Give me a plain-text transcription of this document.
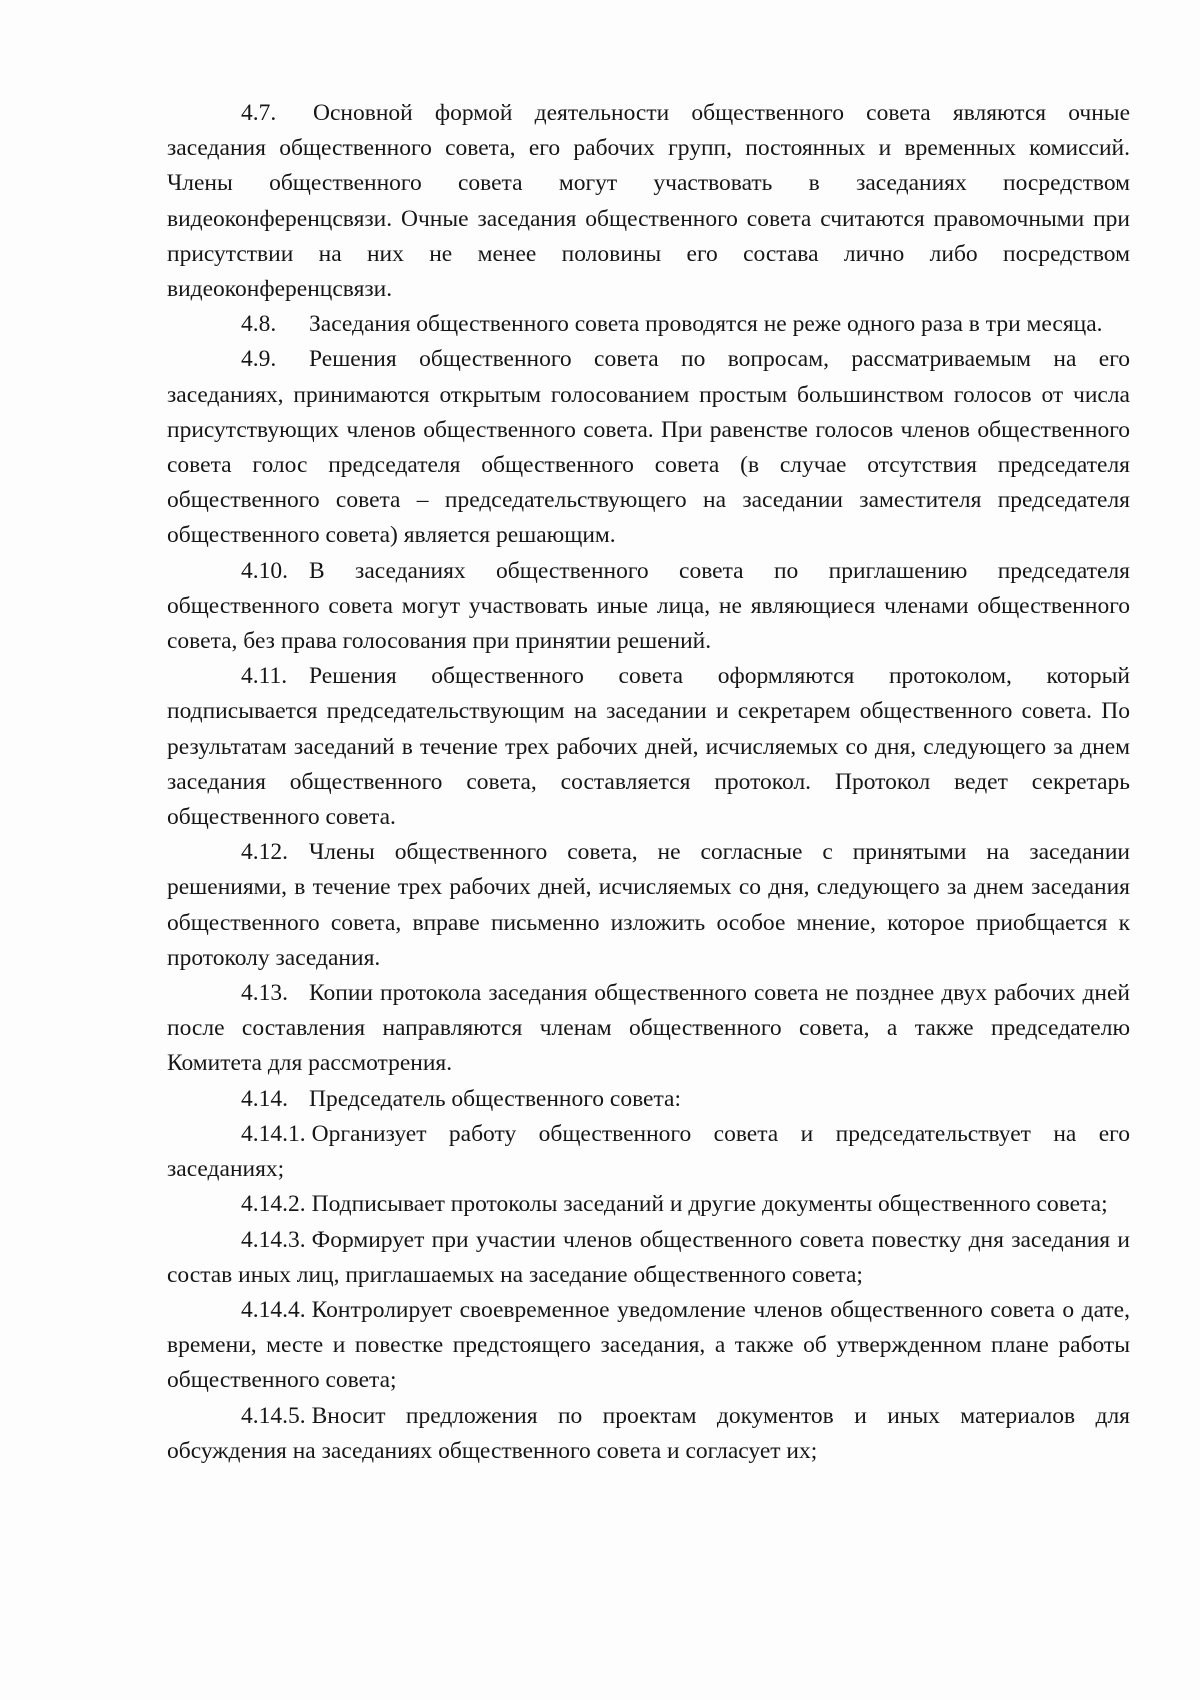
4.7. Основной формой деятельности общественного совета являются очные заседания общественного совета, его рабочих групп, постоянных и временных комиссий. Члены общественного совета могут участвовать в заседаниях посредством видеоконференцсвязи. Очные заседания общественного совета считаются правомочными при присутствии на них не менее половины его состава лично либо посредством видеоконференцсвязи.

4.8. Заседания общественного совета проводятся не реже одного раза в три месяца.

4.9. Решения общественного совета по вопросам, рассматриваемым на его заседаниях, принимаются открытым голосованием простым большинством голосов от числа присутствующих членов общественного совета. При равенстве голосов членов общественного совета голос председателя общественного совета (в случае отсутствия председателя общественного совета – председательствующего на заседании заместителя председателя общественного совета) является решающим.

4.10. В заседаниях общественного совета по приглашению председателя общественного совета могут участвовать иные лица, не являющиеся членами общественного совета, без права голосования при принятии решений.

4.11. Решения общественного совета оформляются протоколом, который подписывается председательствующим на заседании и секретарем общественного совета. По результатам заседаний в течение трех рабочих дней, исчисляемых со дня, следующего за днем заседания общественного совета, составляется протокол. Протокол ведет секретарь общественного совета.

4.12. Члены общественного совета, не согласные с принятыми на заседании решениями, в течение трех рабочих дней, исчисляемых со дня, следующего за днем заседания общественного совета, вправе письменно изложить особое мнение, которое приобщается к протоколу заседания.

4.13. Копии протокола заседания общественного совета не позднее двух рабочих дней после составления направляются членам общественного совета, а также председателю Комитета для рассмотрения.

4.14. Председатель общественного совета:

4.14.1. Организует работу общественного совета и председательствует на его заседаниях;

4.14.2. Подписывает протоколы заседаний и другие документы общественного совета;

4.14.3. Формирует при участии членов общественного совета повестку дня заседания и состав иных лиц, приглашаемых на заседание общественного совета;

4.14.4. Контролирует своевременное уведомление членов общественного совета о дате, времени, месте и повестке предстоящего заседания, а также об утвержденном плане работы общественного совета;

4.14.5. Вносит предложения по проектам документов и иных материалов для обсуждения на заседаниях общественного совета и согласует их;
